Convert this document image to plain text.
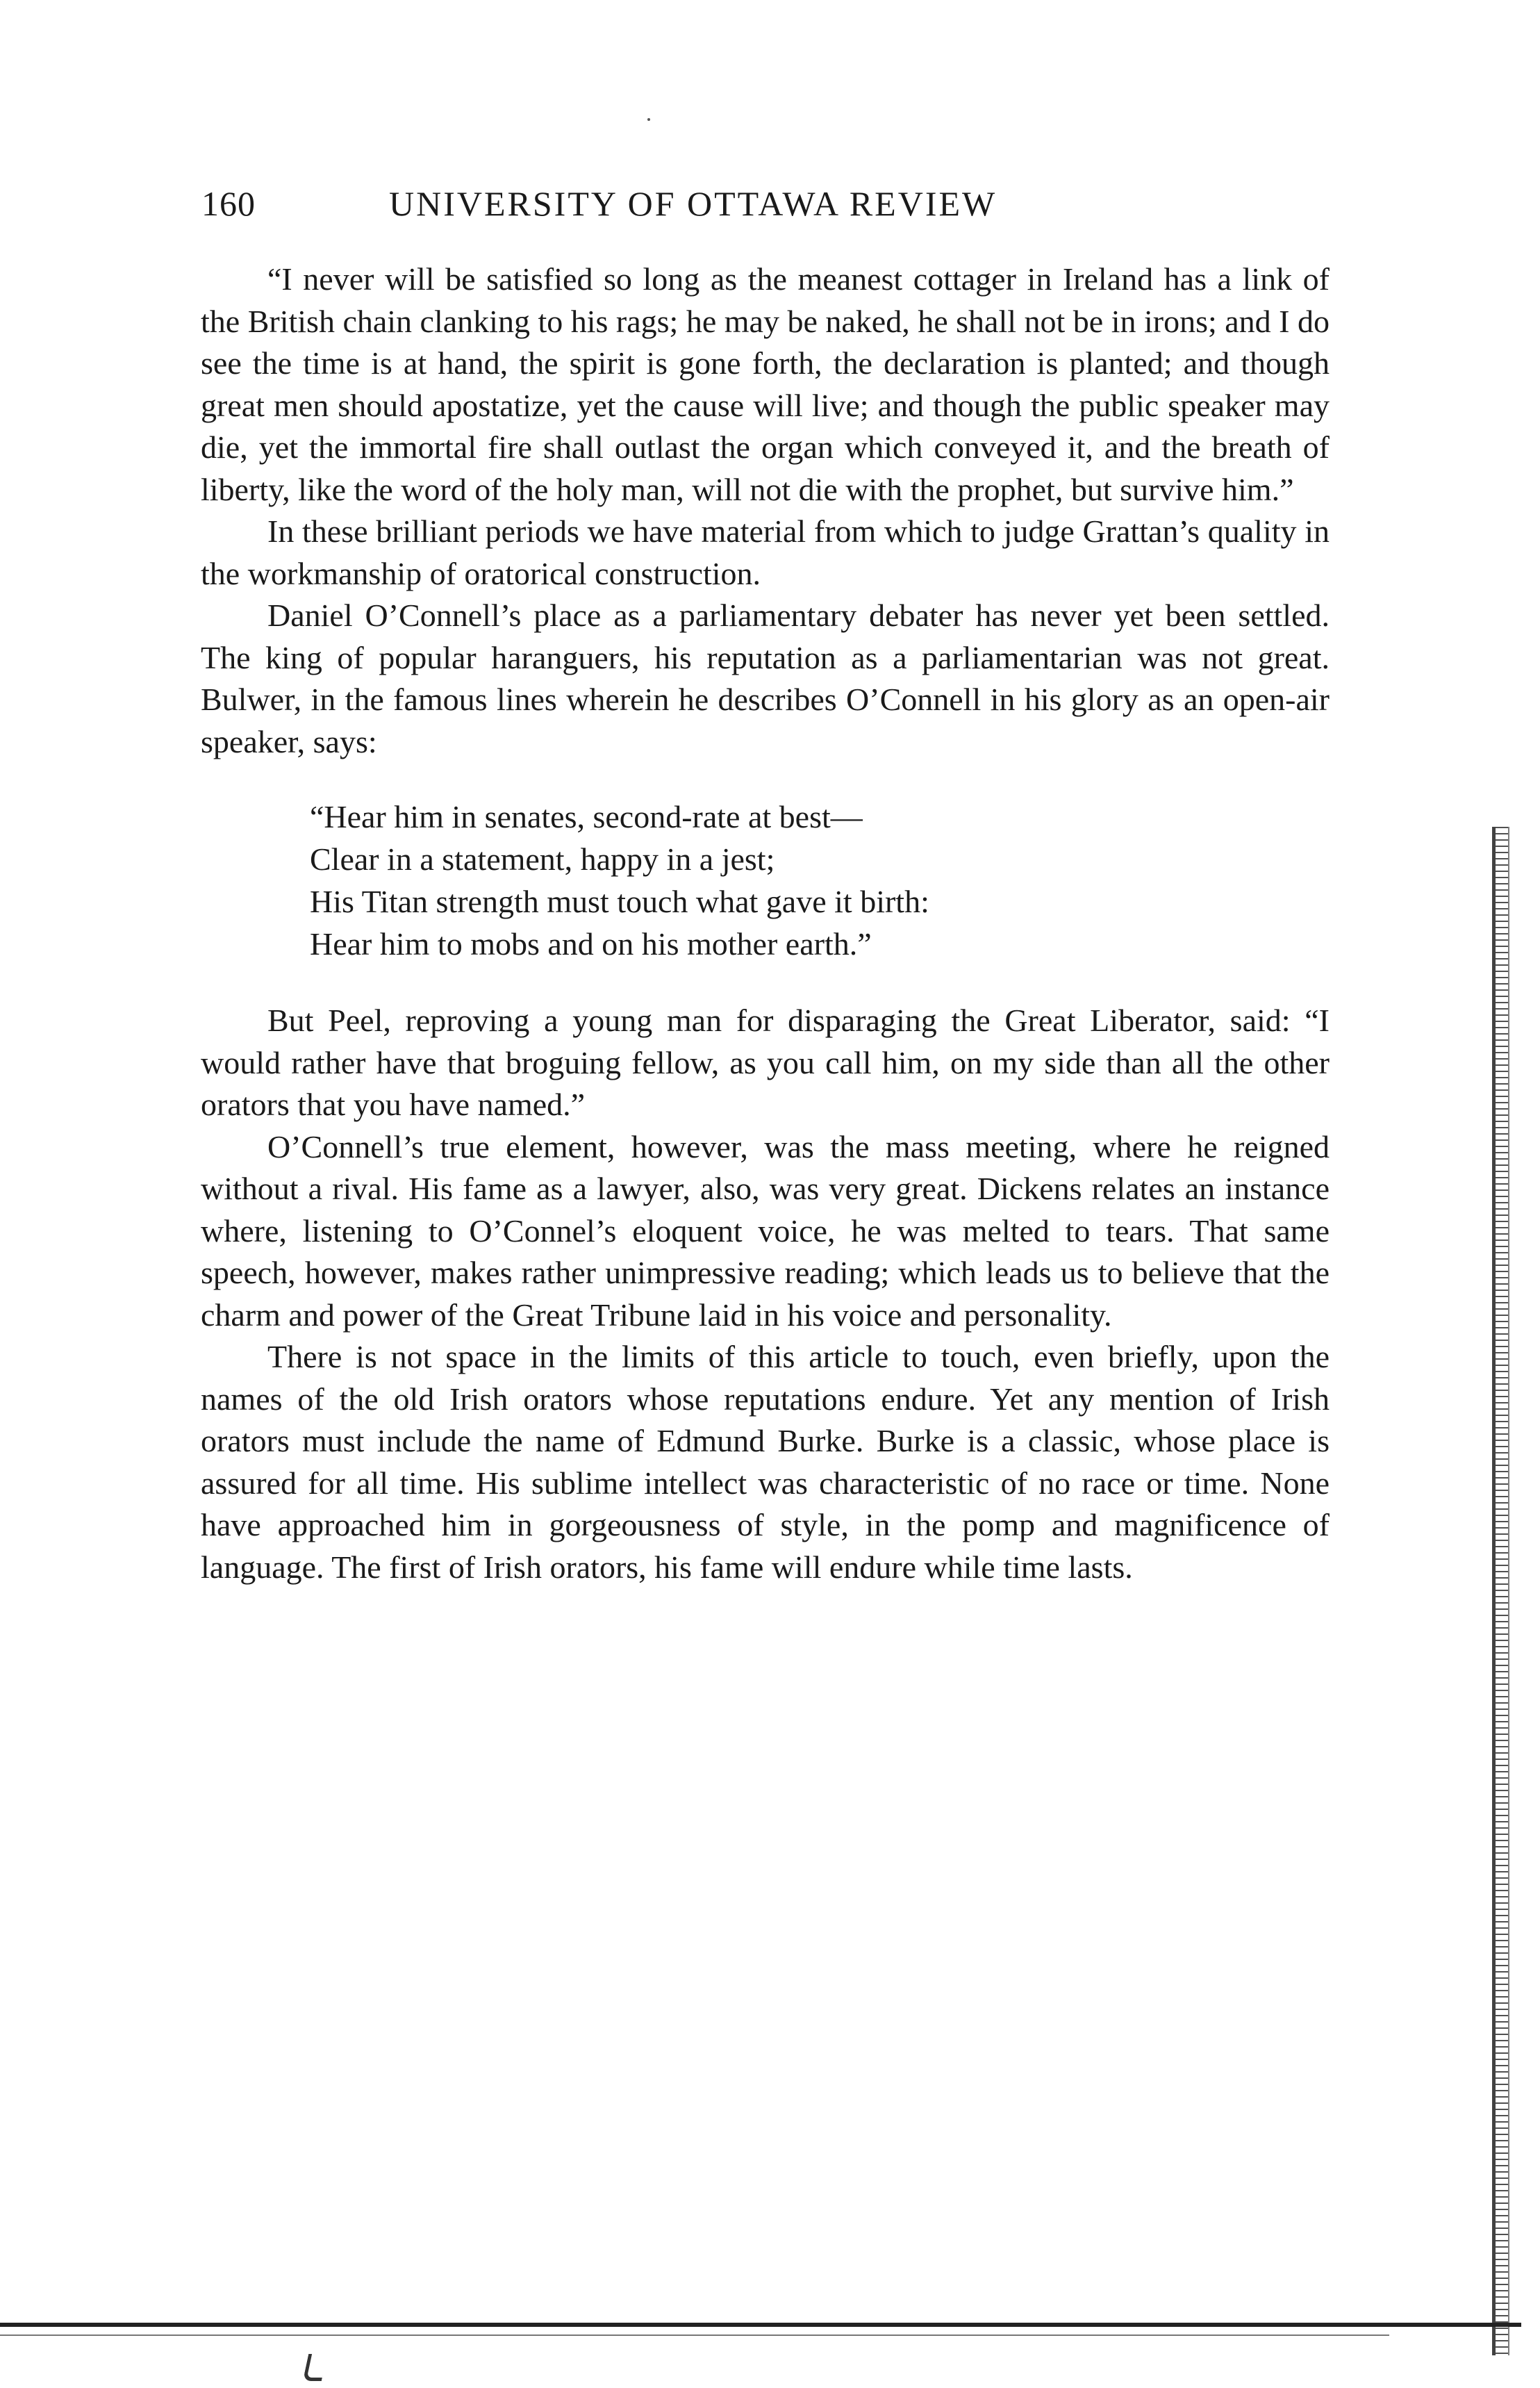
160	UNIVERSITY OF OTTAWA REVIEW

“I never will be satisfied so long as the meanest cottager in Ireland has a link of the British chain clanking to his rags; he may be naked, he shall not be in irons; and I do see the time is at hand, the spirit is gone forth, the declaration is planted; and though great men should apostatize, yet the cause will live; and though the public speaker may die, yet the immortal fire shall outlast the organ which conveyed it, and the breath of liberty, like the word of the holy man, will not die with the prophet, but survive him.”

In these brilliant periods we have material from which to judge Grattan’s quality in the workmanship of oratorical construction.

Daniel O’Connell’s place as a parliamentary debater has never yet been settled. The king of popular haranguers, his reputation as a parliamentarian was not great. Bulwer, in the famous lines wherein he describes O’Connell in his glory as an open-air speaker, says:

“Hear him in senates, second-rate at best—
Clear in a statement, happy in a jest;
His Titan strength must touch what gave it birth:
Hear him to mobs and on his mother earth.”

But Peel, reproving a young man for disparaging the Great Liberator, said: “I would rather have that broguing fellow, as you call him, on my side than all the other orators that you have named.”

O’Connell’s true element, however, was the mass meeting, where he reigned without a rival. His fame as a lawyer, also, was very great. Dickens relates an instance where, listening to O’Connel’s eloquent voice, he was melted to tears. That same speech, however, makes rather unimpressive reading; which leads us to believe that the charm and power of the Great Tribune laid in his voice and personality.

There is not space in the limits of this article to touch, even briefly, upon the names of the old Irish orators whose reputations endure. Yet any mention of Irish orators must include the name of Edmund Burke. Burke is a classic, whose place is assured for all time. His sublime intellect was characteristic of no race or time. None have approached him in gorgeousness of style, in the pomp and magnificence of language. The first of Irish orators, his fame will endure while time lasts.
